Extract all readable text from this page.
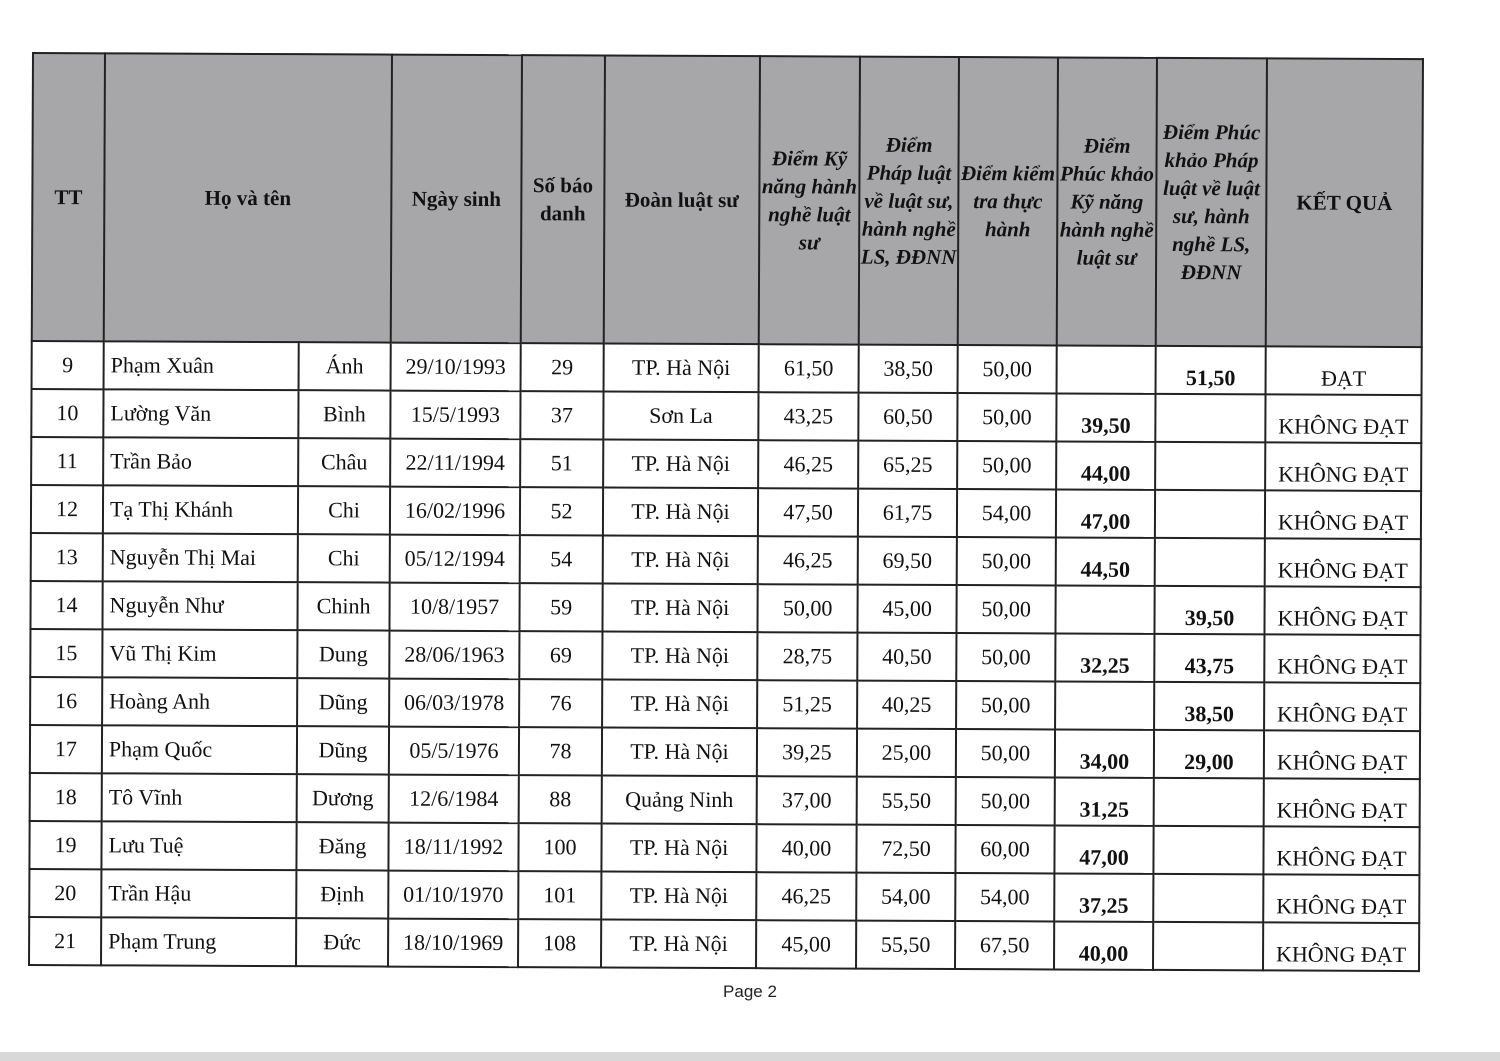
TT	Họ và tên		Ngày sinh	Số báo danh	Đoàn luật sư	Điểm Kỹ năng hành nghề luật sư	Điểm Pháp luật về luật sư, hành nghề LS, ĐĐNN	Điểm kiểm tra thực hành	Điểm Phúc khảo Kỹ năng hành nghề luật sư	Điểm Phúc khảo Pháp luật về luật sư, hành nghề LS, ĐĐNN	KẾT QUẢ
9	Phạm Xuân	Ánh	29/10/1993	29	TP. Hà Nội	61,50	38,50	50,00		51,50	ĐẠT
10	Lường Văn	Bình	15/5/1993	37	Sơn La	43,25	60,50	50,00	39,50		KHÔNG ĐẠT
11	Trần Bảo	Châu	22/11/1994	51	TP. Hà Nội	46,25	65,25	50,00	44,00		KHÔNG ĐẠT
12	Tạ Thị Khánh	Chi	16/02/1996	52	TP. Hà Nội	47,50	61,75	54,00	47,00		KHÔNG ĐẠT
13	Nguyễn Thị Mai	Chi	05/12/1994	54	TP. Hà Nội	46,25	69,50	50,00	44,50		KHÔNG ĐẠT
14	Nguyễn Như	Chinh	10/8/1957	59	TP. Hà Nội	50,00	45,00	50,00		39,50	KHÔNG ĐẠT
15	Vũ Thị Kim	Dung	28/06/1963	69	TP. Hà Nội	28,75	40,50	50,00	32,25	43,75	KHÔNG ĐẠT
16	Hoàng Anh	Dũng	06/03/1978	76	TP. Hà Nội	51,25	40,25	50,00		38,50	KHÔNG ĐẠT
17	Phạm Quốc	Dũng	05/5/1976	78	TP. Hà Nội	39,25	25,00	50,00	34,00	29,00	KHÔNG ĐẠT
18	Tô Vĩnh	Dương	12/6/1984	88	Quảng Ninh	37,00	55,50	50,00	31,25		KHÔNG ĐẠT
19	Lưu Tuệ	Đăng	18/11/1992	100	TP. Hà Nội	40,00	72,50	60,00	47,00		KHÔNG ĐẠT
20	Trần Hậu	Định	01/10/1970	101	TP. Hà Nội	46,25	54,00	54,00	37,25		KHÔNG ĐẠT
21	Phạm Trung	Đức	18/10/1969	108	TP. Hà Nội	45,00	55,50	67,50	40,00		KHÔNG ĐẠT
Page 2
